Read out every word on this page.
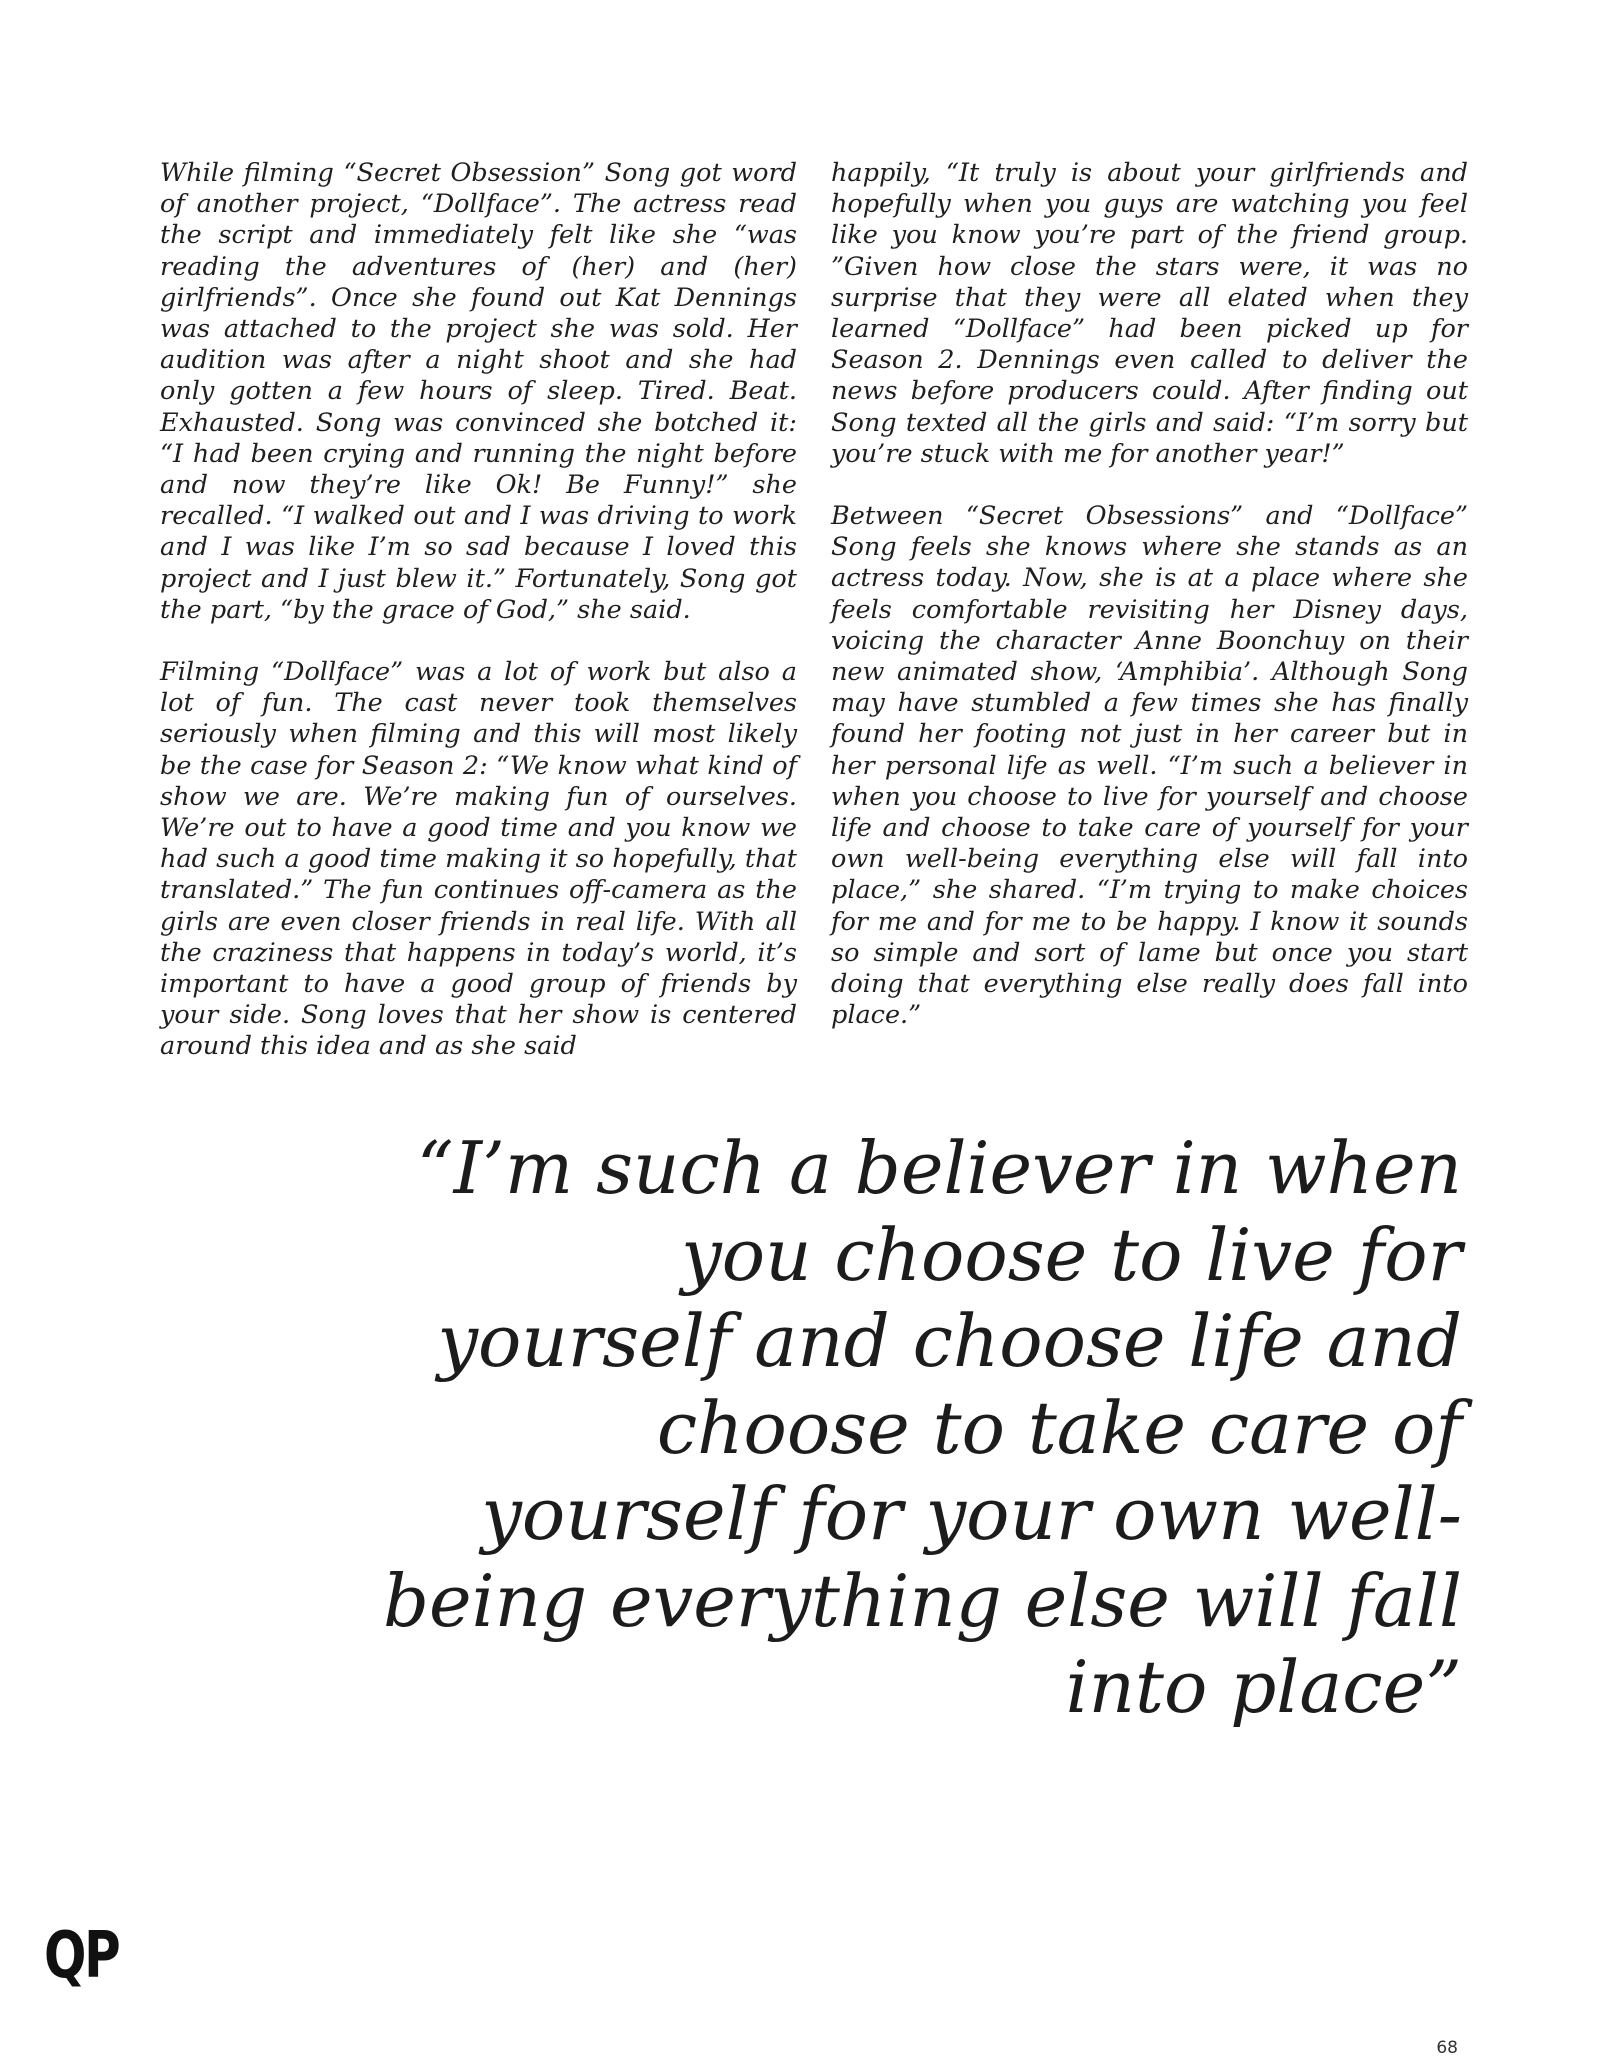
While filming “Secret Obsession” Song got word of another project, “Dollface”. The actress read the script and immediately felt like she “was reading the adventures of (her) and (her) girlfriends”. Once she found out Kat Dennings was attached to the project she was sold. Her audition was after a night shoot and she had only gotten a few hours of sleep. Tired. Beat. Exhausted. Song was convinced she botched it: “I had been crying and running the night before and now they’re like Ok! Be Funny!” she recalled. “I walked out and I was driving to work and I was like I’m so sad because I loved this project and I just blew it.” Fortunately, Song got the part, “by the grace of God,” she said.

Filming “Dollface” was a lot of work but also a lot of fun. The cast never took themselves seriously when filming and this will most likely be the case for Season 2: “We know what kind of show we are. We’re making fun of ourselves. We’re out to have a good time and you know we had such a good time making it so hopefully, that translated.” The fun continues off-camera as the girls are even closer friends in real life. With all the craziness that happens in today’s world, it’s important to have a good group of friends by your side. Song loves that her show is centered around this idea and as she said

happily, “It truly is about your girlfriends and hopefully when you guys are watching you feel like you know you’re part of the friend group. ”Given how close the stars were, it was no surprise that they were all elated when they learned “Dollface” had been picked up for Season 2. Dennings even called to deliver the news before producers could. After finding out Song texted all the girls and said: “I’m sorry but you’re stuck with me for another year!”

Between “Secret Obsessions” and “Dollface” Song feels she knows where she stands as an actress today. Now, she is at a place where she feels comfortable revisiting her Disney days, voicing the character Anne Boonchuy on their new animated show, ‘Amphibia’. Although Song may have stumbled a few times she has finally found her footing not just in her career but in her personal life as well. “I’m such a believer in when you choose to live for yourself and choose life and choose to take care of yourself for your own well-being everything else will fall into place,” she shared. “I’m trying to make choices for me and for me to be happy. I know it sounds so simple and sort of lame but once you start doing that everything else really does fall into place.”

“I’m such a believer in when you choose to live for yourself and choose life and choose to take care of yourself for your own well-being everything else will fall into place”
QP
68
